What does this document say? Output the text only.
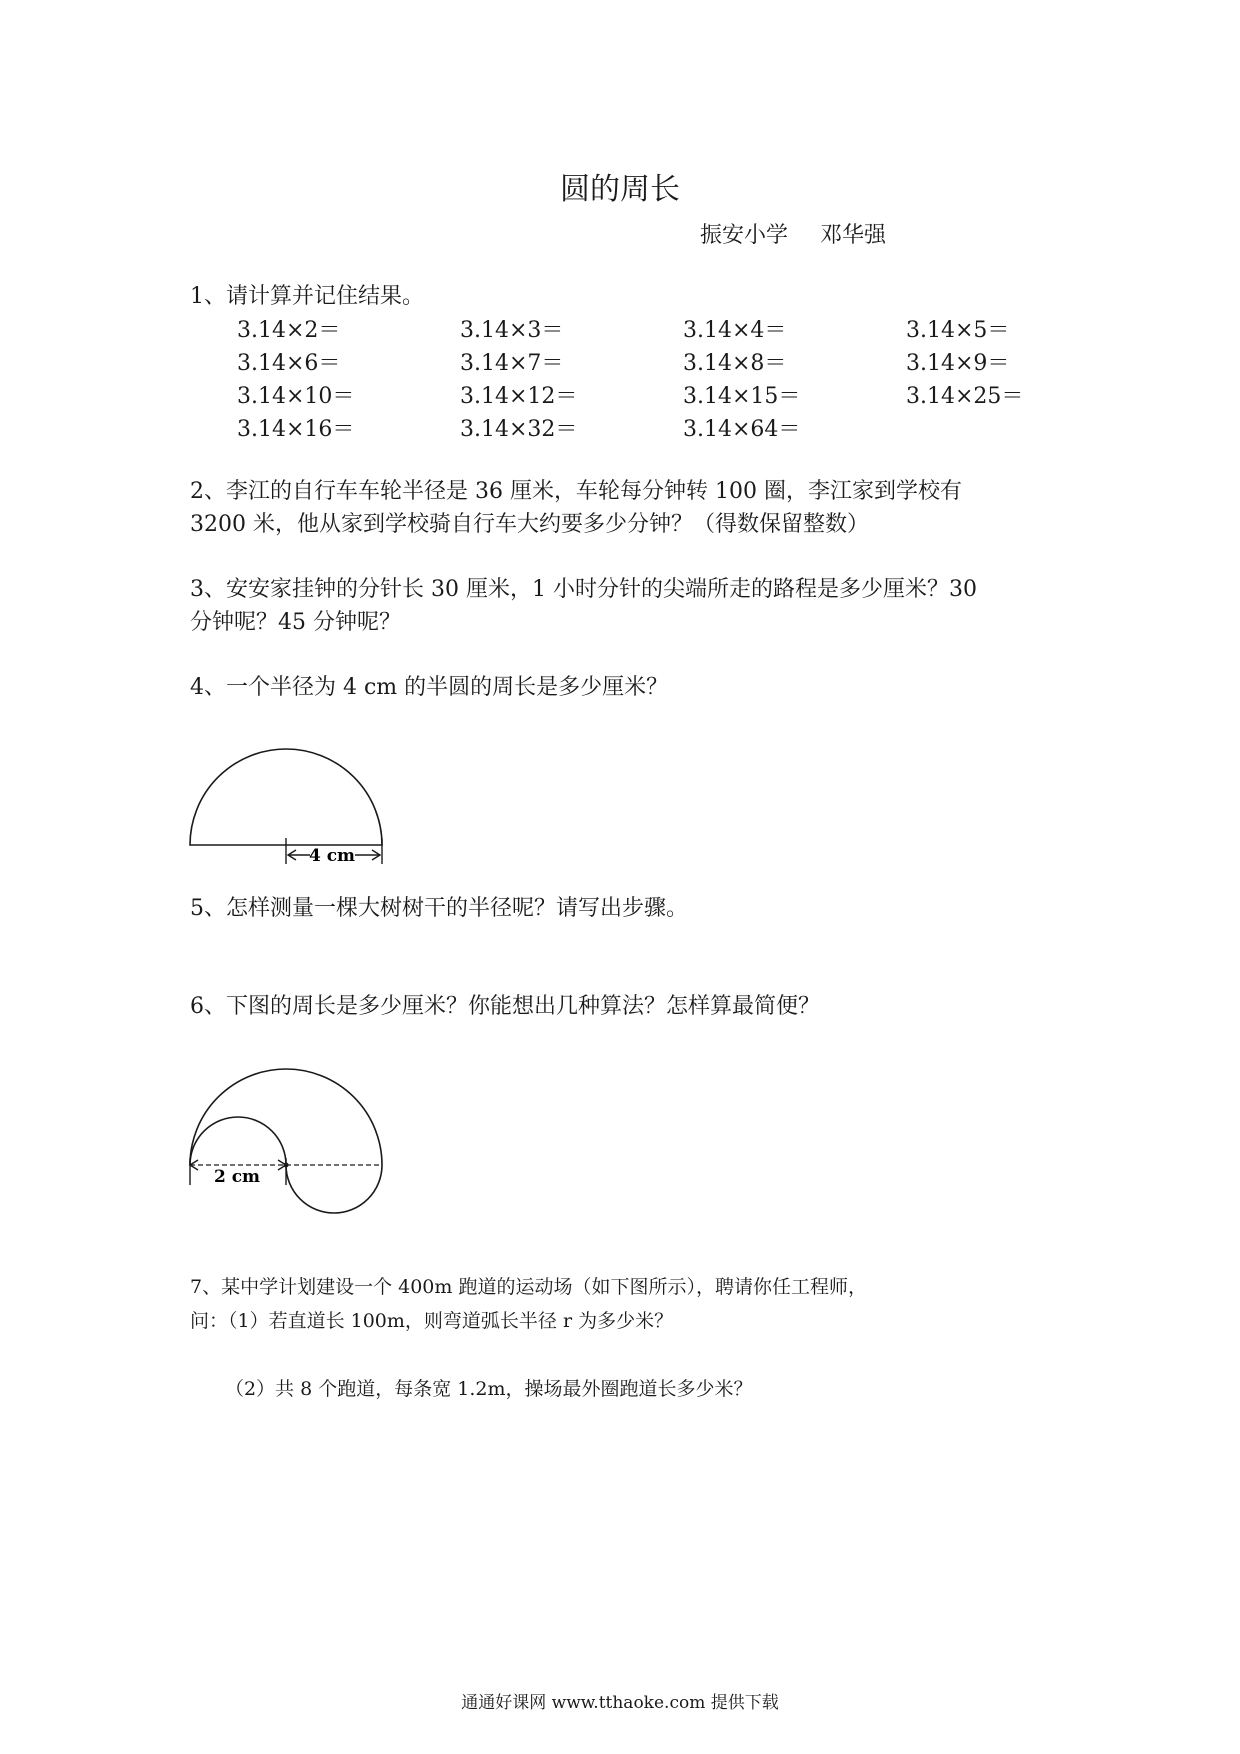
圆的周长
振安小学 邓华强
1、请计算并记住结果。
3.14×2＝	3.14×3＝	3.14×4＝	3.14×5＝
3.14×6＝	3.14×7＝	3.14×8＝	3.14×9＝
3.14×10＝	3.14×12＝	3.14×15＝	3.14×25＝
3.14×16＝	3.14×32＝	3.14×64＝
2、李江的自行车车轮半径是 36 厘米，车轮每分钟转 100 圈，李江家到学校有
3200 米，他从家到学校骑自行车大约要多少分钟？（得数保留整数）
3、安安家挂钟的分针长 30 厘米，1 小时分针的尖端所走的路程是多少厘米？30
分钟呢？45 分钟呢？
4、一个半径为 4 cm 的半圆的周长是多少厘米？
4 cm
5、怎样测量一棵大树树干的半径呢？请写出步骤。
6、下图的周长是多少厘米？你能想出几种算法？怎样算最简便？
2 cm
7、某中学计划建设一个 400m 跑道的运动场（如下图所示），聘请你任工程师，
问：（1）若直道长 100m，则弯道弧长半径 r 为多少米？
（2）共 8 个跑道，每条宽 1.2m，操场最外圈跑道长多少米？
通通好课网 www.tthaoke.com 提供下载
